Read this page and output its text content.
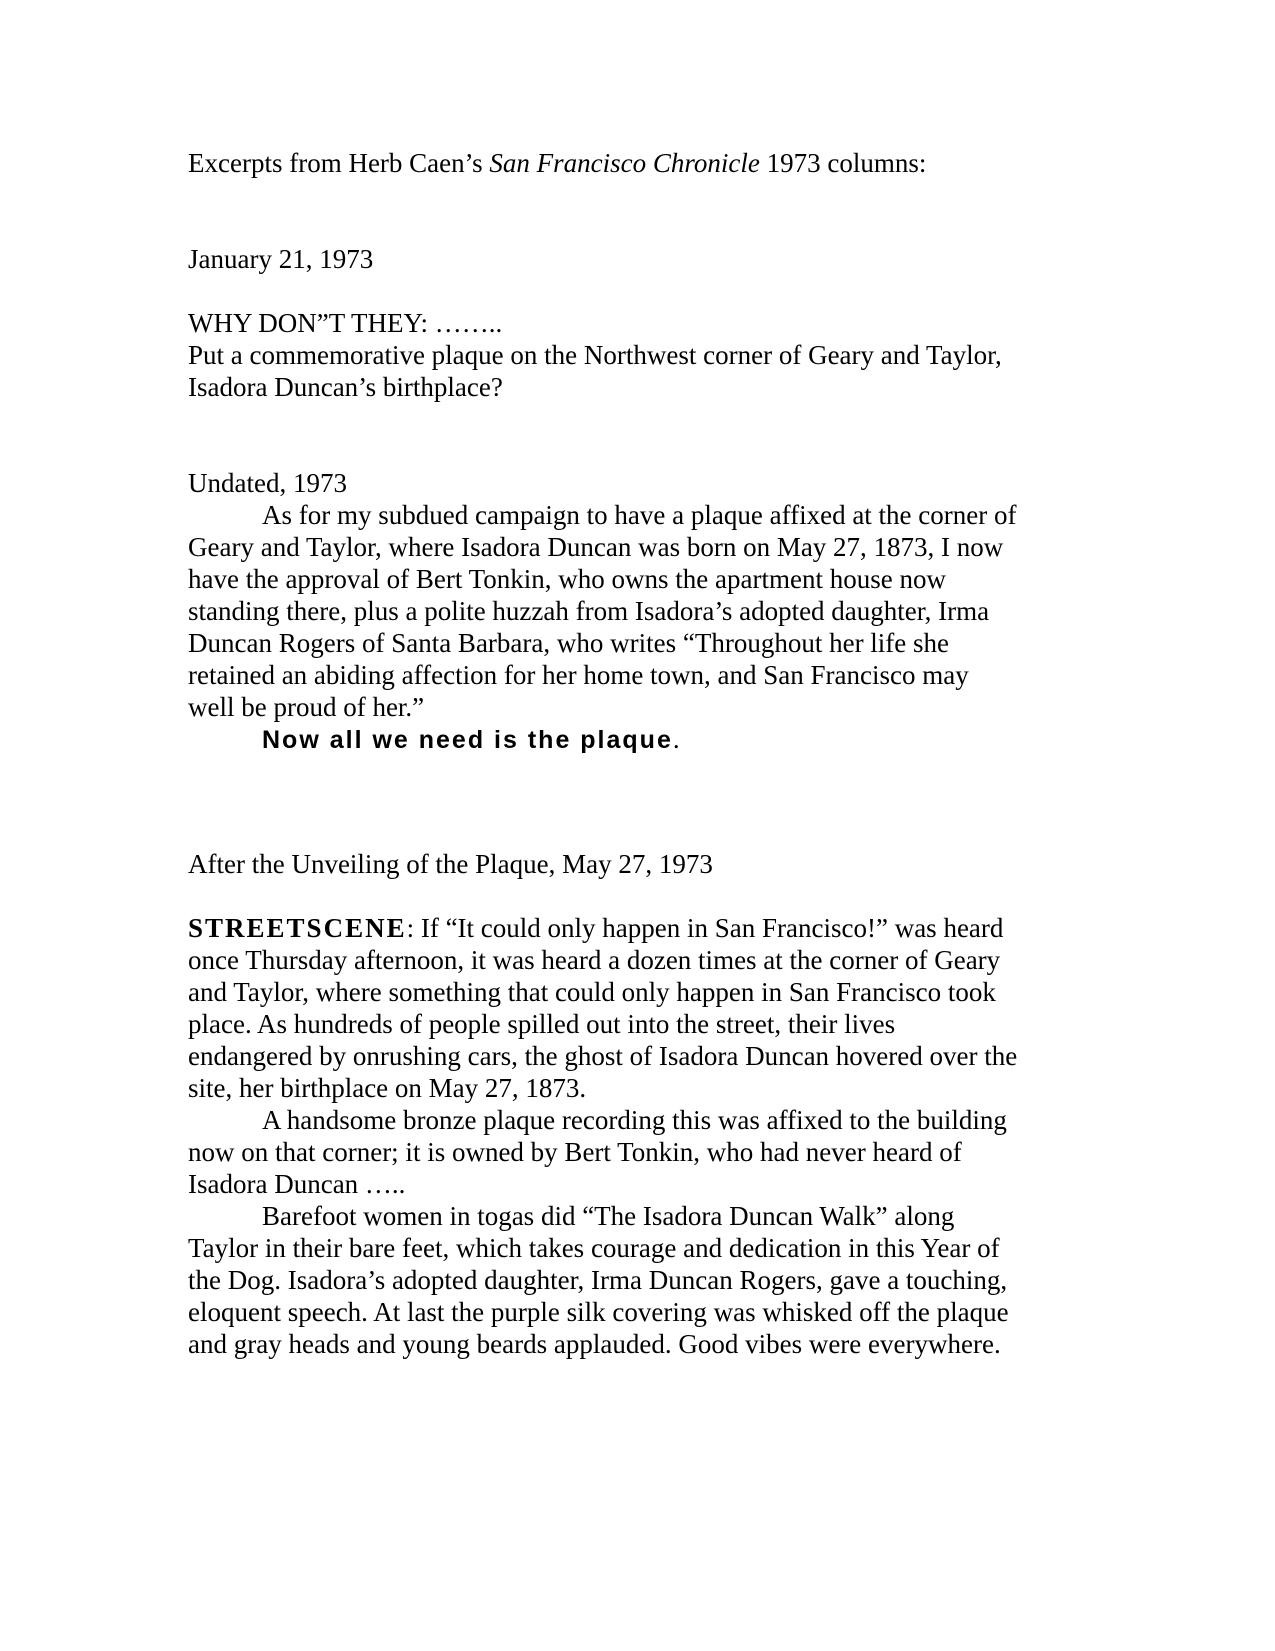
Excerpts from Herb Caen’s San Francisco Chronicle 1973 columns:
January 21, 1973
WHY DON”T THEY: ……..
Put a commemorative plaque on the Northwest corner of Geary and Taylor,
Isadora Duncan’s birthplace?
Undated, 1973
As for my subdued campaign to have a plaque affixed at the corner of
Geary and Taylor, where Isadora Duncan was born on May 27, 1873, I now
have the approval of Bert Tonkin, who owns the apartment house now
standing there, plus a polite huzzah from Isadora’s adopted daughter, Irma
Duncan Rogers of Santa Barbara, who writes “Throughout her life she
retained an abiding affection for her home town, and San Francisco may
well be proud of her.”
Now all we need is the plaque.
After the Unveiling of the Plaque, May 27, 1973
STREETSCENE: If “It could only happen in San Francisco!” was heard
once Thursday afternoon, it was heard a dozen times at the corner of Geary
and Taylor, where something that could only happen in San Francisco took
place. As hundreds of people spilled out into the street, their lives
endangered by onrushing cars, the ghost of Isadora Duncan hovered over the
site, her birthplace on May 27, 1873.
A handsome bronze plaque recording this was affixed to the building
now on that corner; it is owned by Bert Tonkin, who had never heard of
Isadora Duncan …..
Barefoot women in togas did “The Isadora Duncan Walk” along
Taylor in their bare feet, which takes courage and dedication in this Year of
the Dog. Isadora’s adopted daughter, Irma Duncan Rogers, gave a touching,
eloquent speech. At last the purple silk covering was whisked off the plaque
and gray heads and young beards applauded. Good vibes were everywhere.
